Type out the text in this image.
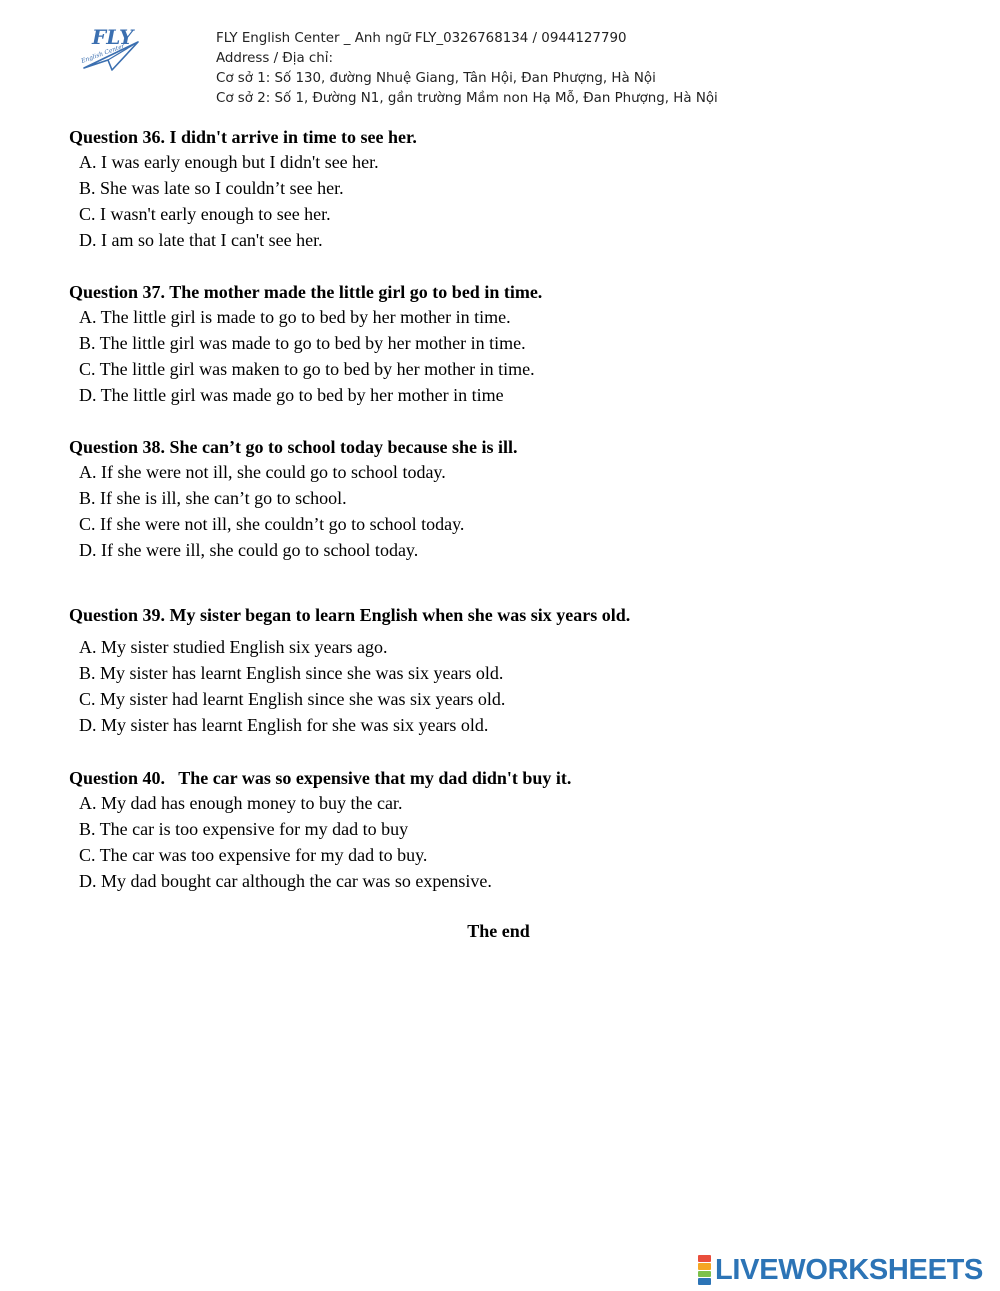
FLY
English Center
FLY English Center _ Anh ngữ FLY_0326768134 / 0944127790
Address / Địa chỉ:
Cơ sở 1: Số 130, đường Nhuệ Giang, Tân Hội, Đan Phượng, Hà Nội
Cơ sở 2: Số 1, Đường N1, gần trường Mầm non Hạ Mỗ, Đan Phượng, Hà Nội
Question 36. I didn't arrive in time to see her.
A. I was early enough but I didn't see her.
B. She was late so I couldn’t see her.
C. I wasn't early enough to see her.
D. I am so late that I can't see her.
Question 37. The mother made the little girl go to bed in time.
A. The little girl is made to go to bed by her mother in time.
B. The little girl was made to go to bed by her mother in time.
C. The little girl was maken to go to bed by her mother in time.
D. The little girl was made go to bed by her mother in time
Question 38. She can’t go to school today because she is ill.
A. If she were not ill, she could go to school today.
B. If she is ill, she can’t go to school.
C. If she were not ill, she couldn’t go to school today.
D. If she were ill, she could go to school today.
Question 39. My sister began to learn English when she was six years old.
A. My sister studied English six years ago.
B. My sister has learnt English since she was six years old.
C. My sister had learnt English since she was six years old.
D. My sister has learnt English for she was six years old.
Question 40.   The car was so expensive that my dad didn't buy it.
A. My dad has enough money to buy the car.
B. The car is too expensive for my dad to buy
C. The car was too expensive for my dad to buy.
D. My dad bought car although the car was so expensive.
The end
LIVEWORKSHEETS
